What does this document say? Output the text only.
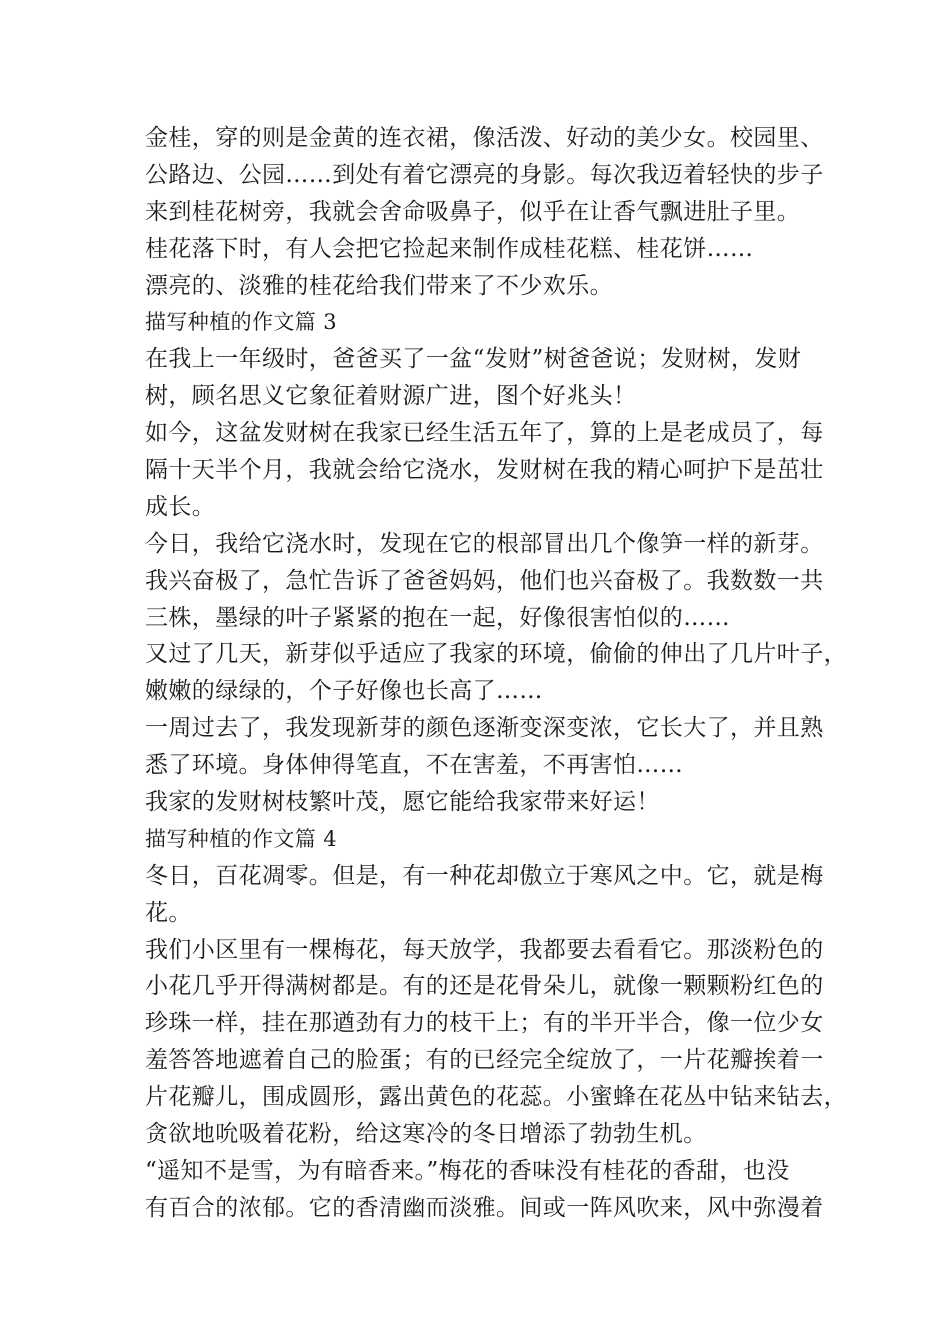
金桂，穿的则是金黄的连衣裙，像活泼、好动的美少女。校园里、
公路边、公园……到处有着它漂亮的身影。每次我迈着轻快的步子
来到桂花树旁，我就会舍命吸鼻子，似乎在让香气飘进肚子里。
桂花落下时，有人会把它捡起来制作成桂花糕、桂花饼……
漂亮的、淡雅的桂花给我们带来了不少欢乐。
描写种植的作文篇 3
在我上一年级时，爸爸买了一盆“发财”树爸爸说；发财树，发财
树，顾名思义它象征着财源广进，图个好兆头！
如今，这盆发财树在我家已经生活五年了，算的上是老成员了，每
隔十天半个月，我就会给它浇水，发财树在我的精心呵护下是茁壮
成长。
今日，我给它浇水时，发现在它的根部冒出几个像笋一样的新芽。
我兴奋极了，急忙告诉了爸爸妈妈，他们也兴奋极了。我数数一共
三株，墨绿的叶子紧紧的抱在一起，好像很害怕似的……
又过了几天，新芽似乎适应了我家的环境，偷偷的伸出了几片叶子，
嫩嫩的绿绿的，个子好像也长高了……
一周过去了，我发现新芽的颜色逐渐变深变浓，它长大了，并且熟
悉了环境。身体伸得笔直，不在害羞，不再害怕……
我家的发财树枝繁叶茂，愿它能给我家带来好运！
描写种植的作文篇 4
冬日，百花凋零。但是，有一种花却傲立于寒风之中。它，就是梅
花。
我们小区里有一棵梅花，每天放学，我都要去看看它。那淡粉色的
小花几乎开得满树都是。有的还是花骨朵儿，就像一颗颗粉红色的
珍珠一样，挂在那遒劲有力的枝干上；有的半开半合，像一位少女
羞答答地遮着自己的脸蛋；有的已经完全绽放了，一片花瓣挨着一
片花瓣儿，围成圆形，露出黄色的花蕊。小蜜蜂在花丛中钻来钻去，
贪欲地吮吸着花粉，给这寒冷的冬日增添了勃勃生机。
“遥知不是雪，为有暗香来。”梅花的香味没有桂花的香甜，也没
有百合的浓郁。它的香清幽而淡雅。间或一阵风吹来，风中弥漫着
